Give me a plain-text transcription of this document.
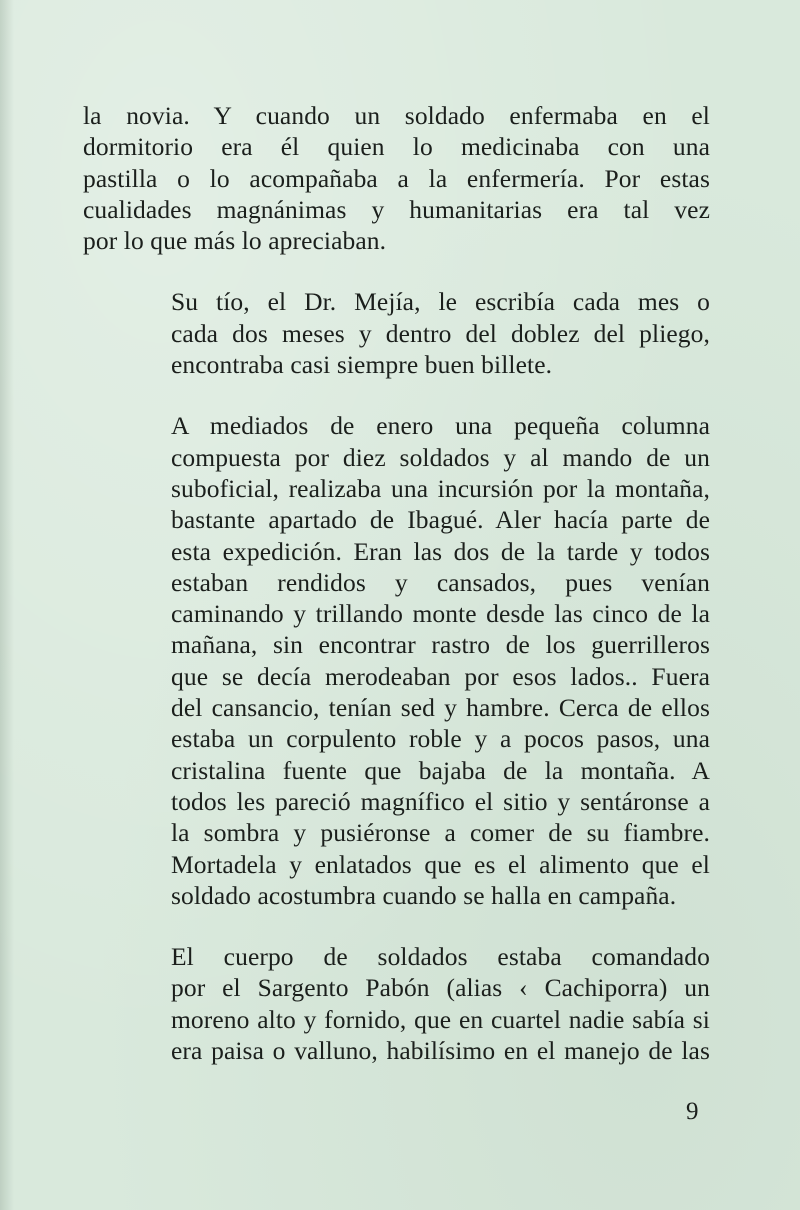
la novia. Y cuando un soldado enfermaba en el
dormitorio era él quien lo medicinaba con una
pastilla o lo acompañaba a la enfermería. Por estas
cualidades magnánimas y humanitarias era tal vez
por lo que más lo apreciaban.

Su tío, el Dr. Mejía, le escribía cada mes o
cada dos meses y dentro del doblez del pliego,
encontraba casi siempre buen billete.

A mediados de enero una pequeña columna
compuesta por diez soldados y al mando de un
suboficial, realizaba una incursión por la montaña,
bastante apartado de Ibagué. Aler hacía parte de
esta expedición. Eran las dos de la tarde y todos
estaban rendidos y cansados, pues venían
caminando y trillando monte desde las cinco de la
mañana, sin encontrar rastro de los guerrilleros
que se decía merodeaban por esos lados.. Fuera
del cansancio, tenían sed y hambre. Cerca de ellos
estaba un corpulento roble y a pocos pasos, una
cristalina fuente que bajaba de la montaña. A
todos les pareció magnífico el sitio y sentáronse a
la sombra y pusiéronse a comer de su fiambre.
Mortadela y enlatados que es el alimento que el
soldado acostumbra cuando se halla en campaña.

El cuerpo de soldados estaba comandado
por el Sargento Pabón (alias ‹ Cachiporra) un
moreno alto y fornido, que en cuartel nadie sabía si
era paisa o valluno, habilísimo en el manejo de las

9
